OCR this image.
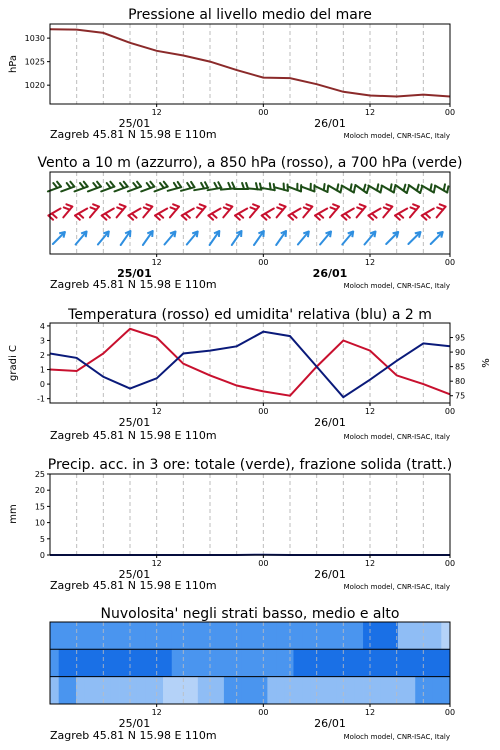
Pressione al livello medio del mare
hPa
1020
1025
1030
12	00	12	00
25/01	26/01
Zagreb 45.81 N 15.98 E 110m	Moloch model, CNR-ISAC, Italy
Vento a 10 m (azzurro), a 850 hPa (rosso), a 700 hPa (verde)
12	00	12	00
25/01	26/01
Zagreb 45.81 N 15.98 E 110m	Moloch model, CNR-ISAC, Italy
Temperatura (rosso) ed umidita' relativa (blu) a 2 m
gradi C	%
-1
0
1
2
3
4
75
80
85
90
95
12	00	12	00
25/01	26/01
Zagreb 45.81 N 15.98 E 110m	Moloch model, CNR-ISAC, Italy
Precip. acc. in 3 ore: totale (verde), frazione solida (tratt.)
mm
0
5
10
15
20
25
12	00	12	00
25/01	26/01
Zagreb 45.81 N 15.98 E 110m	Moloch model, CNR-ISAC, Italy
Nuvolosita' negli strati basso, medio e alto
12	00	12	00
25/01	26/01
Zagreb 45.81 N 15.98 E 110m	Moloch model, CNR-ISAC, Italy
